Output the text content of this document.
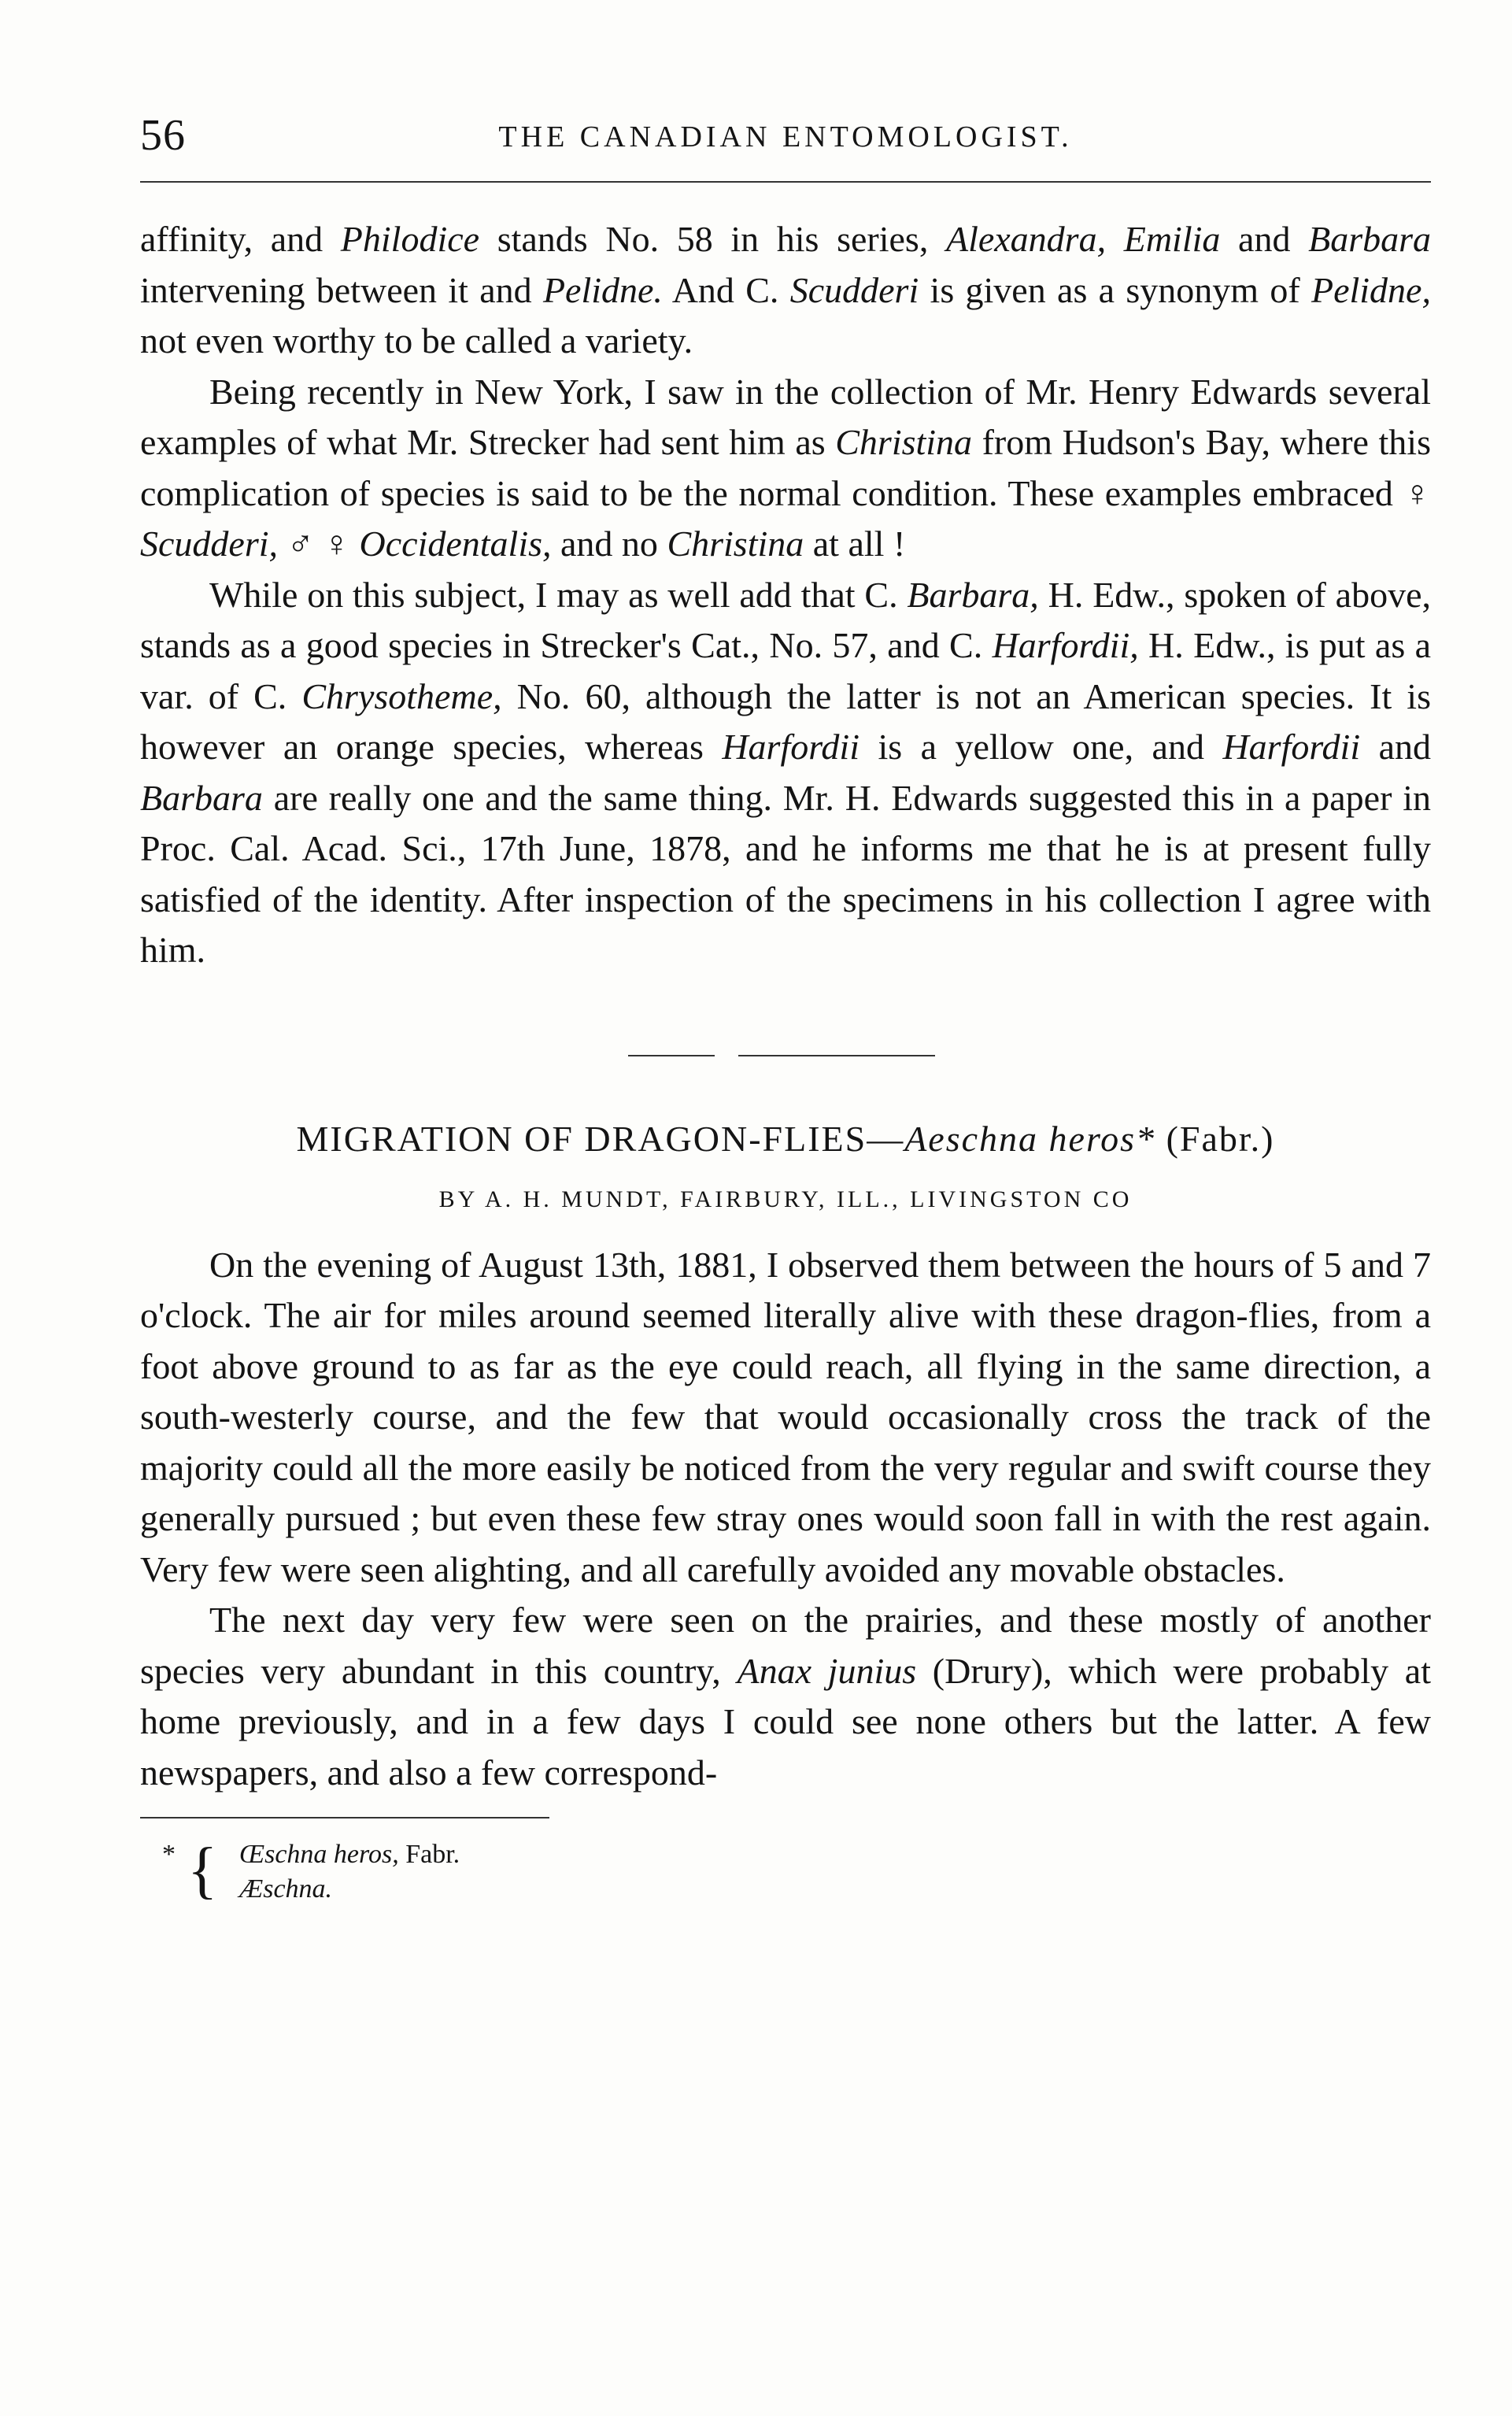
56	THE CANADIAN ENTOMOLOGIST.

affinity, and Philodice stands No. 58 in his series, Alexandra, Emilia and Barbara intervening between it and Pelidne. And C. Scudderi is given as a synonym of Pelidne, not even worthy to be called a variety.

Being recently in New York, I saw in the collection of Mr. Henry Edwards several examples of what Mr. Strecker had sent him as Christina from Hudson's Bay, where this complication of species is said to be the normal condition. These examples embraced ♀ Scudderi, ♂ ♀ Occidentalis, and no Christina at all !

While on this subject, I may as well add that C. Barbara, H. Edw., spoken of above, stands as a good species in Strecker's Cat., No. 57, and C. Harfordii, H. Edw., is put as a var. of C. Chrysotheme, No. 60, although the latter is not an American species. It is however an orange species, whereas Harfordii is a yellow one, and Harfordii and Barbara are really one and the same thing. Mr. H. Edwards suggested this in a paper in Proc. Cal. Acad. Sci., 17th June, 1878, and he informs me that he is at present fully satisfied of the identity. After inspection of the specimens in his collection I agree with him.

MIGRATION OF DRAGON-FLIES—Aeschna heros* (Fabr.)
BY A. H. MUNDT, FAIRBURY, ILL., LIVINGSTON CO

On the evening of August 13th, 1881, I observed them between the hours of 5 and 7 o'clock. The air for miles around seemed literally alive with these dragon-flies, from a foot above ground to as far as the eye could reach, all flying in the same direction, a south-westerly course, and the few that would occasionally cross the track of the majority could all the more easily be noticed from the very regular and swift course they generally pursued ; but even these few stray ones would soon fall in with the rest again. Very few were seen alighting, and all carefully avoided any movable obstacles.

The next day very few were seen on the prairies, and these mostly of another species very abundant in this country, Anax junius (Drury), which were probably at home previously, and in a few days I could see none others but the latter. A few newspapers, and also a few correspond-

* { Œschna heros, Fabr.
Æschna.
